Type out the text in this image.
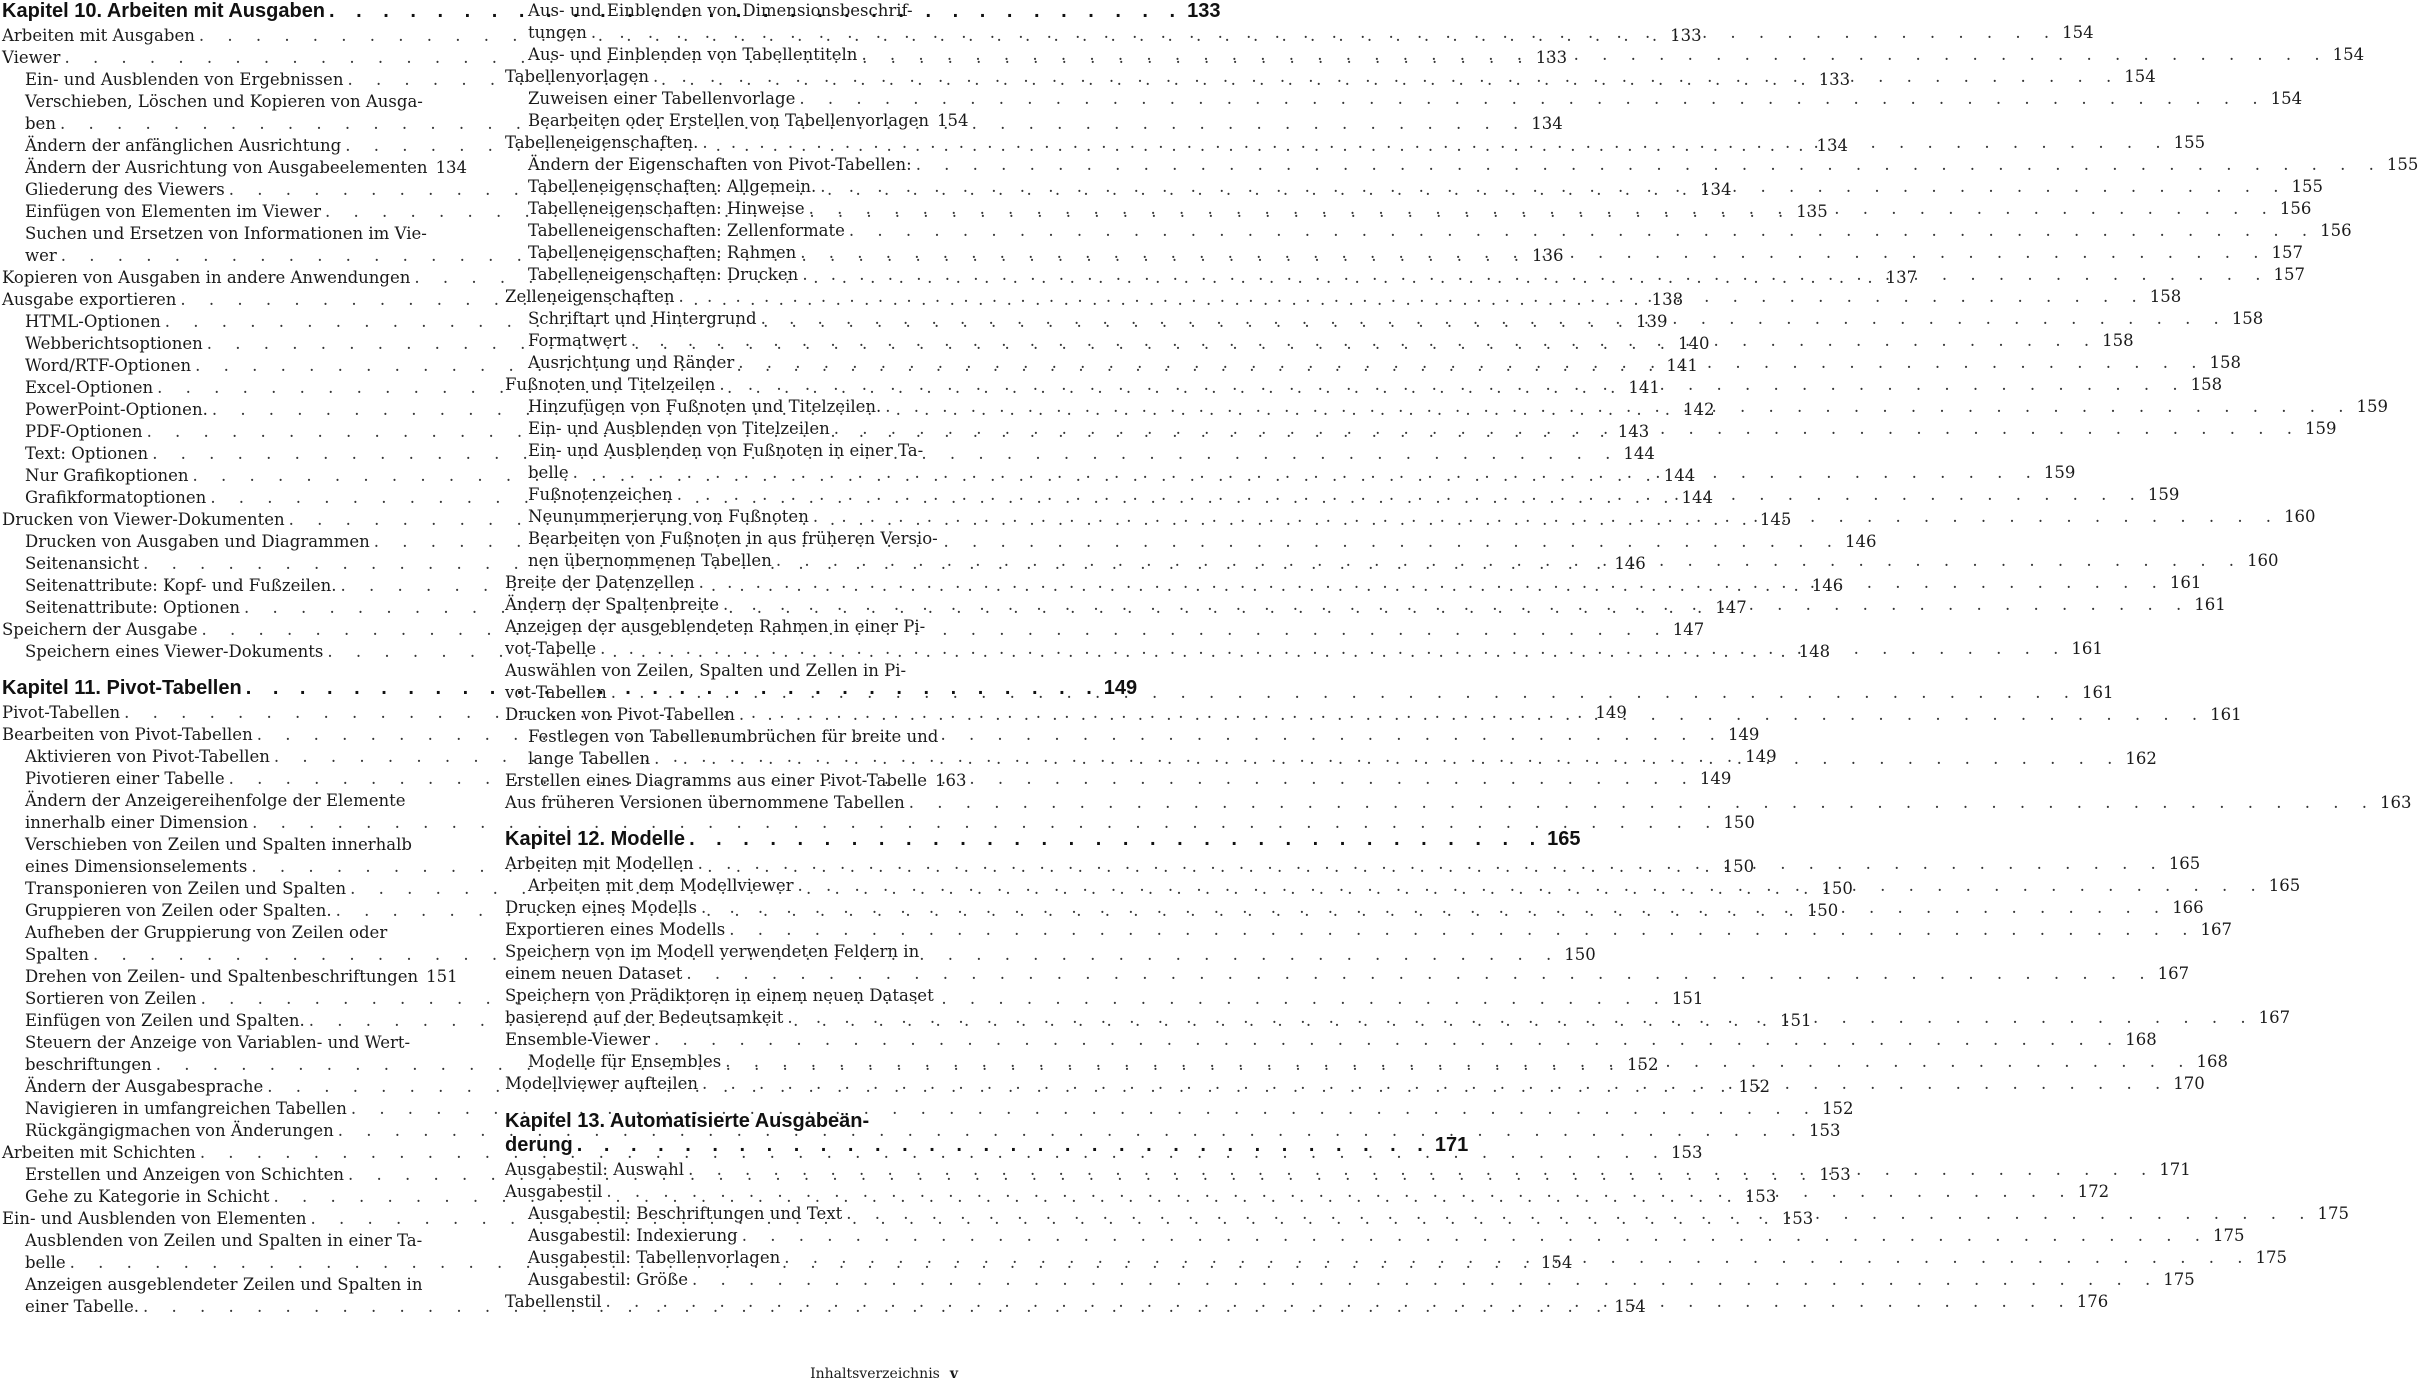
Kapitel 10. Arbeiten mit Ausgaben . . .	133
Arbeiten mit Ausgaben . . .	133
Viewer . . .	133
Ein- und Ausblenden von Ergebnissen . . .	133
Verschieben, Löschen und Kopieren von Ausga-
ben . . .	134
Ändern der anfänglichen Ausrichtung . . .	134
Ändern der Ausrichtung von Ausgabeelementen 134
Gliederung des Viewers . . .	134
Einfügen von Elementen im Viewer . . .	135
Suchen und Ersetzen von Informationen im Vie-
wer . . .	136
Kopieren von Ausgaben in andere Anwendungen . . .	137
Ausgabe exportieren . . .	138
HTML-Optionen . . .	139
Webberichtsoptionen . . .	140
Word/RTF-Optionen . . .	141
Excel-Optionen . . .	141
PowerPoint-Optionen. . . .	142
PDF-Optionen . . .	143
Text: Optionen . . .	144
Nur Grafikoptionen . . .	144
Grafikformatoptionen . . .	144
Drucken von Viewer-Dokumenten . . .	145
Drucken von Ausgaben und Diagrammen . . .	146
Seitenansicht . . .	146
Seitenattribute: Kopf- und Fußzeilen. . . .	146
Seitenattribute: Optionen . . .	147
Speichern der Ausgabe . . .	147
Speichern eines Viewer-Dokuments . . .	148
Kapitel 11. Pivot-Tabellen . . .	149
Pivot-Tabellen . . .	149
Bearbeiten von Pivot-Tabellen . . .	149
Aktivieren von Pivot-Tabellen . . .	149
Pivotieren einer Tabelle . . .	149
Ändern der Anzeigereihenfolge der Elemente
innerhalb einer Dimension . . .	150
Verschieben von Zeilen und Spalten innerhalb
eines Dimensionselements . . .	150
Transponieren von Zeilen und Spalten . . .	150
Gruppieren von Zeilen oder Spalten. . . .	150
Aufheben der Gruppierung von Zeilen oder
Spalten . . .	150
Drehen von Zeilen- und Spaltenbeschriftungen 151
Sortieren von Zeilen . . .	151
Einfügen von Zeilen und Spalten. . . .	151
Steuern der Anzeige von Variablen- und Wert-
beschriftungen . . .	152
Ändern der Ausgabesprache . . .	152
Navigieren in umfangreichen Tabellen . . .	152
Rückgängigmachen von Änderungen . . .	153
Arbeiten mit Schichten . . .	153
Erstellen und Anzeigen von Schichten . . .	153
Gehe zu Kategorie in Schicht . . .	153
Ein- und Ausblenden von Elementen . . .	153
Ausblenden von Zeilen und Spalten in einer Ta-
belle . . .	154
Anzeigen ausgeblendeter Zeilen und Spalten in
einer Tabelle. . . .	154
Aus- und Einblenden von Dimensionsbeschrif-
tungen . . .	154
Aus- und Einblenden von Tabellentiteln . . .	154
Tabellenvorlagen . . .	154
Zuweisen einer Tabellenvorlage . . .	154
Bearbeiten oder Erstellen von Tabellenvorlagen 154
Tabelleneigenschaften. . . .	155
Ändern der Eigenschaften von Pivot-Tabellen: . . .	155
Tabelleneigenschaften: Allgemein. . . .	155
Tabelleneigenschaften: Hinweise . . .	156
Tabelleneigenschaften: Zellenformate . . .	156
Tabelleneigenschaften: Rahmen . . .	157
Tabelleneigenschaften: Drucken . . .	157
Zelleneigenschaften . . .	158
Schriftart und Hintergrund . . .	158
Formatwert . . .	158
Ausrichtung und Ränder . . .	158
Fußnoten und Titelzeilen . . .	158
Hinzufügen von Fußnoten und Titelzeilen. . . .	159
Ein- und Ausblenden von Titelzeilen . . .	159
Ein- und Ausblenden von Fußnoten in einer Ta-
belle . . .	159
Fußnotenzeichen . . .	159
Neunummerierung von Fußnoten . . .	160
Bearbeiten von Fußnoten in aus früheren Versio-
nen übernommenen Tabellen . . .	160
Breite der Datenzellen . . .	161
Ändern der Spaltenbreite . . .	161
Anzeigen der ausgeblendeten Rahmen in einer Pi-
vot-Tabelle . . .	161
Auswählen von Zeilen, Spalten und Zellen in Pi-
vot-Tabellen . . .	161
Drucken von Pivot-Tabellen . . .	161
Festlegen von Tabellenumbrüchen für breite und
lange Tabellen . . .	162
Erstellen eines Diagramms aus einer Pivot-Tabelle 163
Aus früheren Versionen übernommene Tabellen . . .	163
Kapitel 12. Modelle . . .	165
Arbeiten mit Modellen . . .	165
Arbeiten mit dem Modellviewer . . .	165
Drucken eines Modells . . .	166
Exportieren eines Modells . . .	167
Speichern von im Modell verwendeten Feldern in
einem neuen Dataset . . .	167
Speichern von Prädiktoren in einem neuen Dataset
basierend auf der Bedeutsamkeit . . .	167
Ensemble-Viewer . . .	168
Modelle für Ensembles . . .	168
Modellviewer aufteilen . . .	170
Kapitel 13. Automatisierte Ausgabeän-
derung . . .	171
Ausgabestil: Auswahl . . .	171
Ausgabestil . . .	172
Ausgabestil: Beschriftungen und Text . . .	175
Ausgabestil: Indexierung . . .	175
Ausgabestil: Tabellenvorlagen . . .	175
Ausgabestil: Größe . . .	175
Tabellenstil . . .	176
Inhaltsverzeichnis v
